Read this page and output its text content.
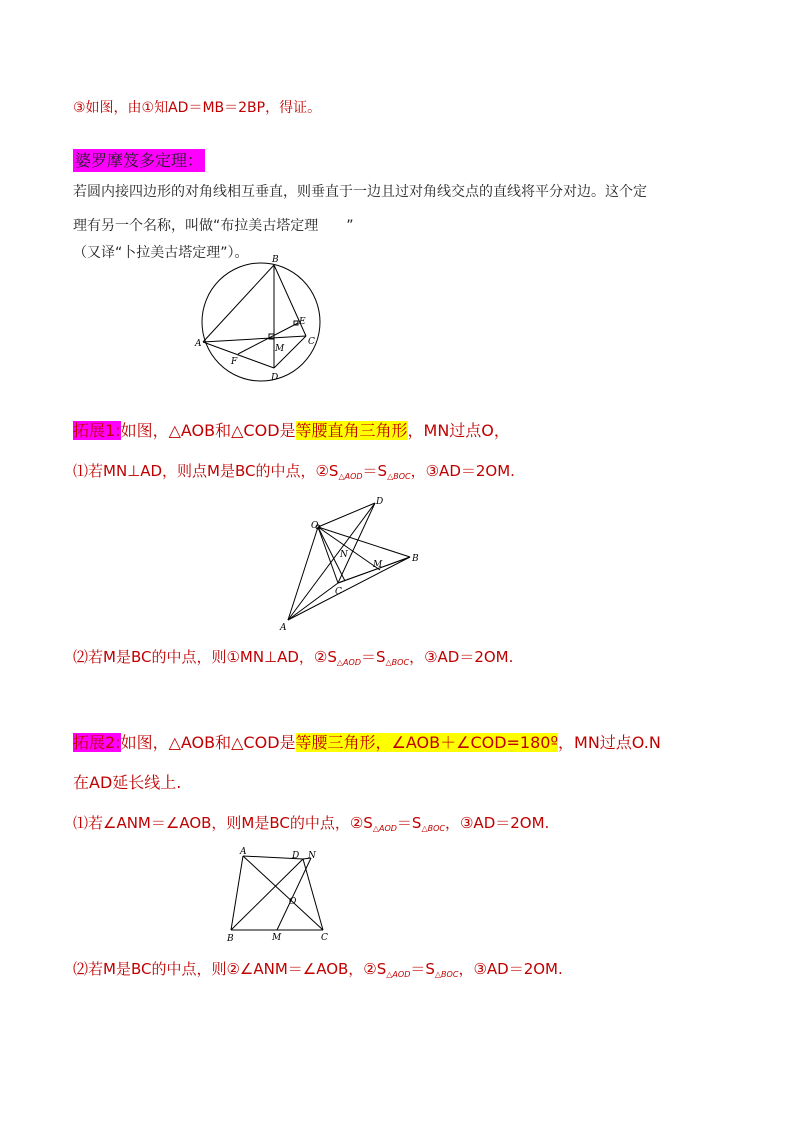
③如图，由①知AD＝MB＝2BP，得证。
婆罗摩笈多定理：
若圆内接四边形的对角线相互垂直，则垂直于一边且过对角线交点的直线将平分对边。这个定
理有另一个名称，叫做“布拉美古塔定理　　”
（又译“卜拉美古塔定理”）。	B
A	C
D
E
F
M
拓展1:如图，△AOB和△COD是等腰直角三角形，MN过点O，
⑴若MN⊥AD，则点M是BC的中点，$②S_{\triangle AOD}=S_{\triangle BOC}$，③AD＝2OM.
O
D
N	B
M
C
A
⑵若M是BC的中点，则①MN⊥AD，$②S_{\triangle AOD}=S_{\triangle BOC}$，③AD＝2OM.
拓展2:如图，△AOB和△COD是等腰三角形，∠AOB＋∠COD=180º，MN过点O.N
在AD延长线上.
⑴若∠ANM＝∠AOB，则M是BC的中点，$②S_{\triangle AOD}=S_{\triangle BOC}$，③AD＝2OM.
A	D N
O
B	M	C
⑵若M是BC的中点，则②∠ANM＝∠AOB，$②S_{\triangle AOD}=S_{\triangle BOC}$，③AD＝2OM.
